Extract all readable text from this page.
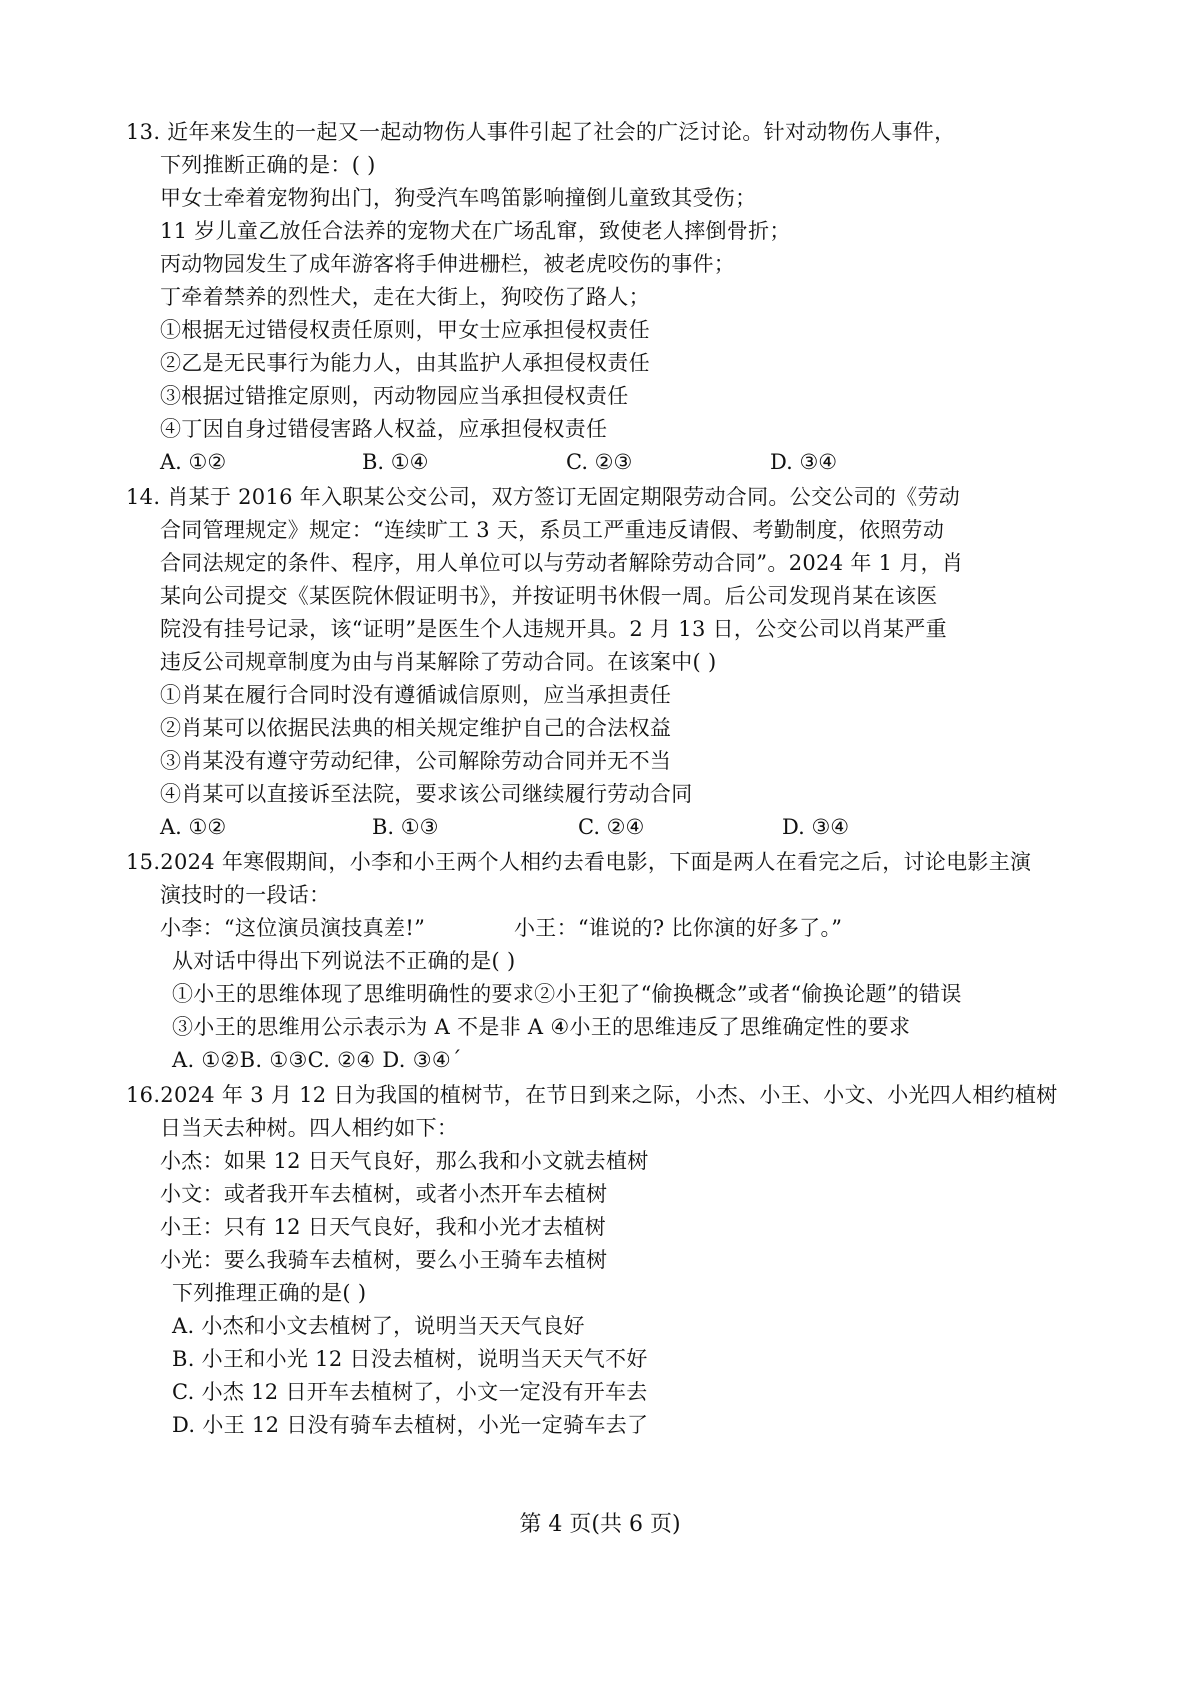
13. 近年来发生的一起又一起动物伤人事件引起了社会的广泛讨论。针对动物伤人事件，
下列推断正确的是：( )
甲女士牵着宠物狗出门，狗受汽车鸣笛影响撞倒儿童致其受伤；
11 岁儿童乙放任合法养的宠物犬在广场乱窜，致使老人摔倒骨折；
丙动物园发生了成年游客将手伸进栅栏，被老虎咬伤的事件；
丁牵着禁养的烈性犬，走在大街上，狗咬伤了路人；
①根据无过错侵权责任原则，甲女士应承担侵权责任
②乙是无民事行为能力人，由其监护人承担侵权责任
③根据过错推定原则，丙动物园应当承担侵权责任
④丁因自身过错侵害路人权益，应承担侵权责任
A. ①②	B. ①④	C. ②③	D. ③④
14. 肖某于 2016 年入职某公交公司，双方签订无固定期限劳动合同。公交公司的《劳动
合同管理规定》规定：“连续旷工 3 天，系员工严重违反请假、考勤制度，依照劳动
合同法规定的条件、程序，用人单位可以与劳动者解除劳动合同”。2024 年 1 月，肖
某向公司提交《某医院休假证明书》，并按证明书休假一周。后公司发现肖某在该医
院没有挂号记录，该“证明”是医生个人违规开具。2 月 13 日，公交公司以肖某严重
违反公司规章制度为由与肖某解除了劳动合同。在该案中( )
①肖某在履行合同时没有遵循诚信原则，应当承担责任
②肖某可以依据民法典的相关规定维护自己的合法权益
③肖某没有遵守劳动纪律，公司解除劳动合同并无不当
④肖某可以直接诉至法院，要求该公司继续履行劳动合同
A. ①②	B. ①③	C. ②④	D. ③④
15.2024 年寒假期间，小李和小王两个人相约去看电影，下面是两人在看完之后，讨论电影主演
演技时的一段话：
小李：“这位演员演技真差!”	小王：“谁说的? 比你演的好多了。”
从对话中得出下列说法不正确的是( )
①小王的思维体现了思维明确性的要求②小王犯了“偷换概念”或者“偷换论题”的错误
③小王的思维用公示表示为 A 不是非 A ④小王的思维违反了思维确定性的要求
A. ①②B. ①③C. ②④ D. ③④´
16.2024 年 3 月 12 日为我国的植树节，在节日到来之际，小杰、小王、小文、小光四人相约植树
日当天去种树。四人相约如下：
小杰：如果 12 日天气良好，那么我和小文就去植树
小文：或者我开车去植树，或者小杰开车去植树
小王：只有 12 日天气良好，我和小光才去植树
小光：要么我骑车去植树，要么小王骑车去植树
下列推理正确的是( )
A. 小杰和小文去植树了，说明当天天气良好
B. 小王和小光 12 日没去植树，说明当天天气不好
C. 小杰 12 日开车去植树了，小文一定没有开车去
D. 小王 12 日没有骑车去植树，小光一定骑车去了
第 4 页(共 6 页)
